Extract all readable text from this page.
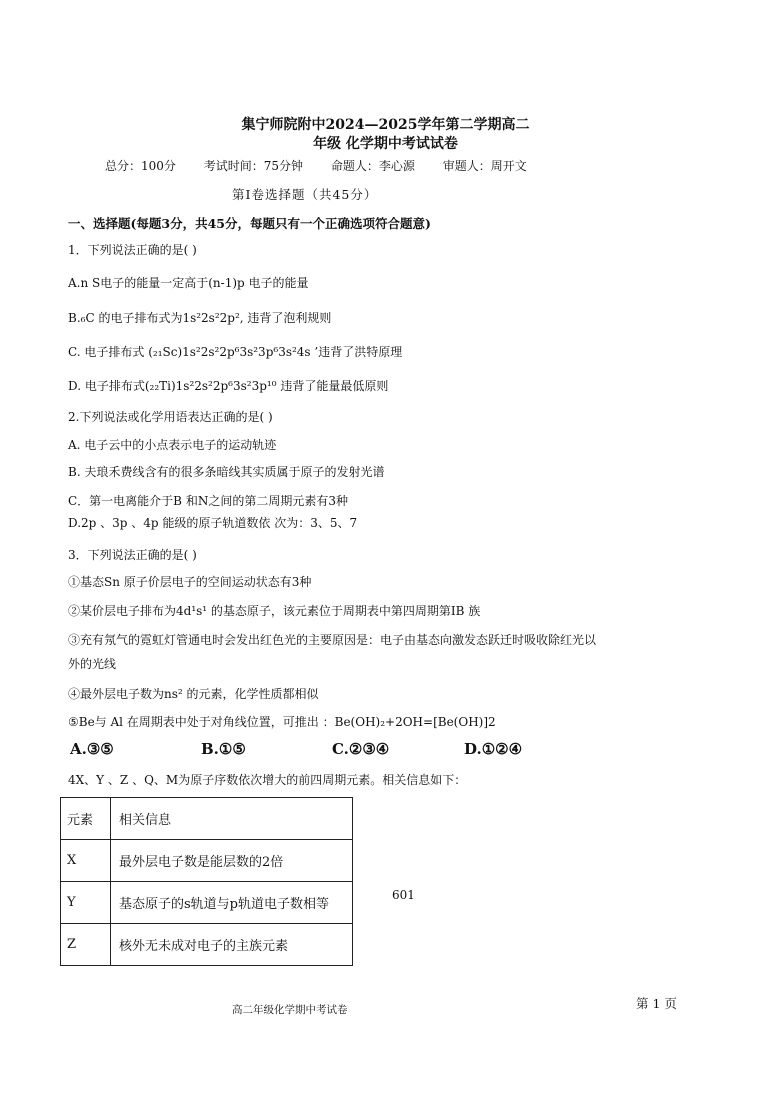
集宁师院附中2024—2025学年第二学期高二
年级 化学期中考试试卷
总分：100分 考试时间：75分钟 命题人：李心源 审题人：周开文
第Ⅰ卷选择题（共45分）
一、选择题(每题3分，共45分，每题只有一个正确选项符合题意)
1．下列说法正确的是( )
A.n S电子的能量一定高于(n-1)p 电子的能量
B.₆C 的电子排布式为1s²2s²2p², 违背了泡利规则
C. 电子排布式 (₂₁Sc)1s²2s²2p⁶3s²3p⁶3s²4s ’违背了洪特原理
D. 电子排布式(₂₂Ti)1s²2s²2p⁶3s²3p¹⁰ 违背了能量最低原则
2.下列说法或化学用语表达正确的是( )
A. 电子云中的小点表示电子的运动轨迹
B. 夫琅禾费线含有的很多条暗线其实质属于原子的发射光谱
C．第一电离能介于B 和N之间的第二周期元素有3种
D.2p 、3p 、4p 能级的原子轨道数依 次为：3、5、7
3．下列说法正确的是( )
①基态Sn 原子价层电子的空间运动状态有3种
②某价层电子排布为4d¹s¹ 的基态原子，该元素位于周期表中第四周期第IB 族
③充有氖气的霓虹灯管通电时会发出红色光的主要原因是：电子由基态向激发态跃迁时吸收除红光以
外的光线
④最外层电子数为ns² 的元素，化学性质都相似
⑤Be与 Al 在周期表中处于对角线位置，可推出 ：Be(OH)₂+2OH=[Be(OH)]2
A.③⑤	B.①⑤	C.②③④	D.①②④
4X、Y 、Z 、Q、M为原子序数依次增大的前四周期元素。相关信息如下：
元素	相关信息
X	最外层电子数是能层数的2倍
Y	基态原子的s轨道与p轨道电子数相等
Z	核外无未成对电子的主族元素
601
高二年级化学期中考试卷	第 1 页
